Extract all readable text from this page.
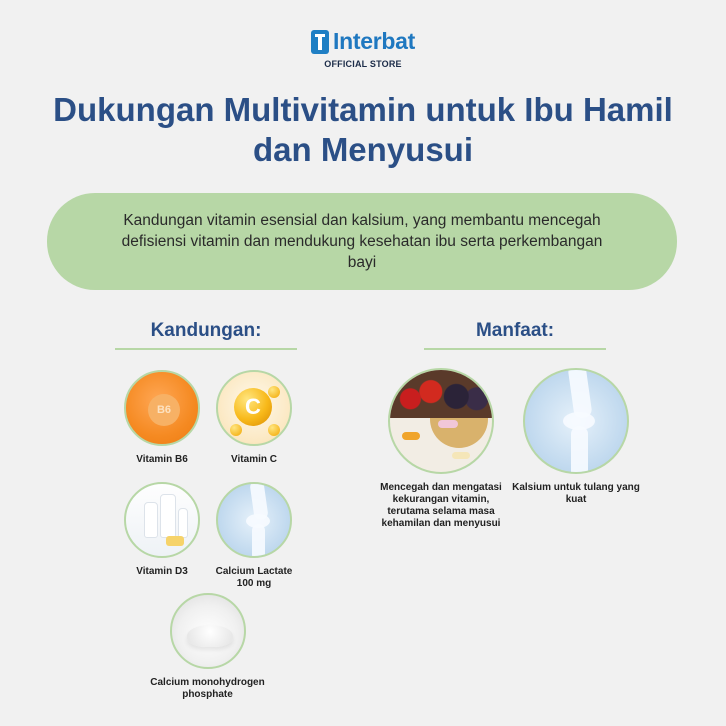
Interbat
OFFICIAL STORE
Dukungan Multivitamin untuk Ibu Hamil dan Menyusui

Kandungan vitamin esensial dan kalsium, yang membantu mencegah defisiensi vitamin dan mendukung kesehatan ibu serta perkembangan bayi

Kandungan:	Manfaat:
B6
Vitamin B6
C
Vitamin C
Vitamin D3	Calcium Lactate 100 mg
Calcium monohydrogen phosphate
Mencegah dan mengatasi kekurangan vitamin, terutama selama masa kehamilan dan menyusui
Kalsium untuk tulang yang kuat
